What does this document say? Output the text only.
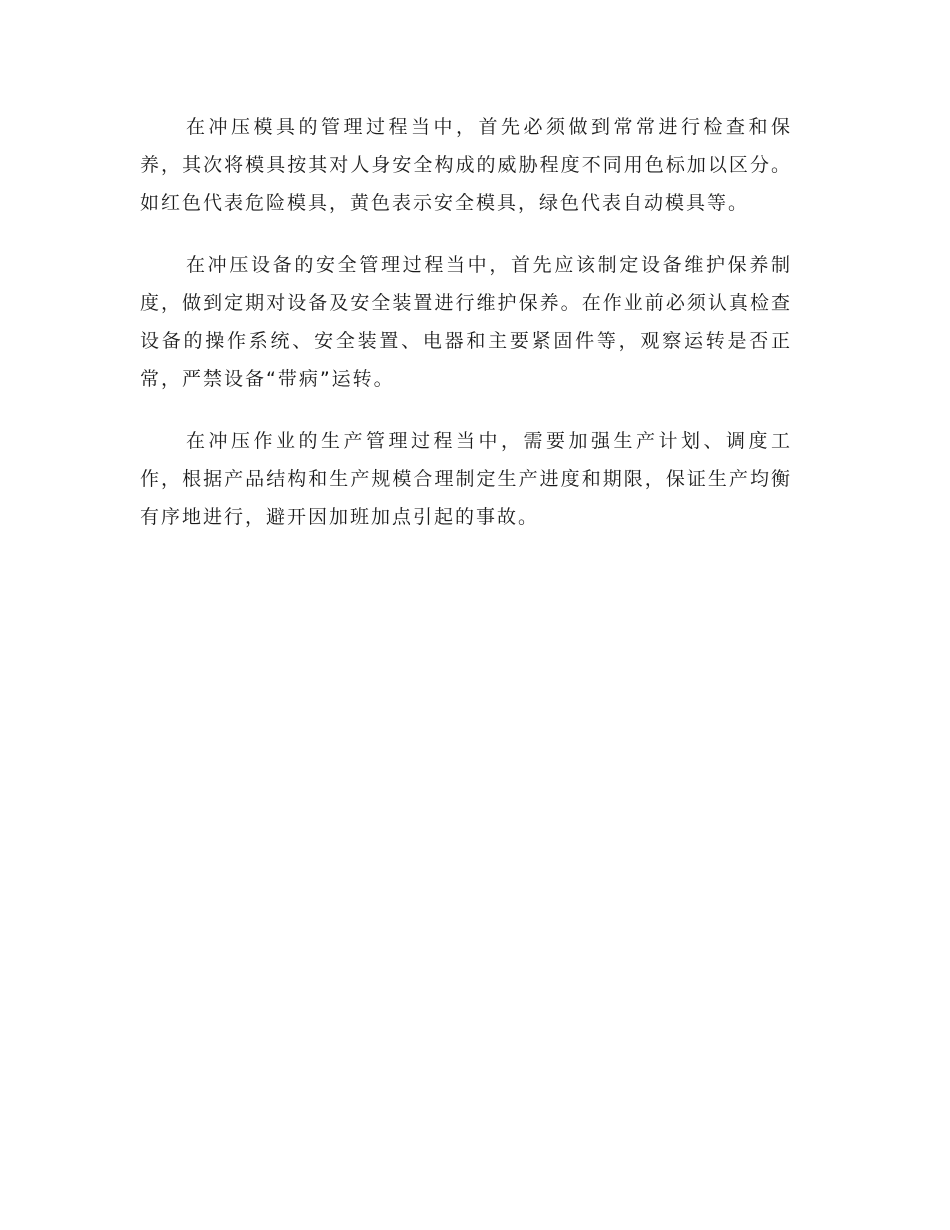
在冲压模具的管理过程当中，首先必须做到常常进行检查和保养，其次将模具按其对人身安全构成的威胁程度不同用色标加以区分。如红色代表危险模具，黄色表示安全模具，绿色代表自动模具等。

在冲压设备的安全管理过程当中，首先应该制定设备维护保养制度，做到定期对设备及安全装置进行维护保养。在作业前必须认真检查设备的操作系统、安全装置、电器和主要紧固件等，观察运转是否正常，严禁设备“带病”运转。

在冲压作业的生产管理过程当中，需要加强生产计划、调度工作，根据产品结构和生产规模合理制定生产进度和期限，保证生产均衡有序地进行，避开因加班加点引起的事故。
